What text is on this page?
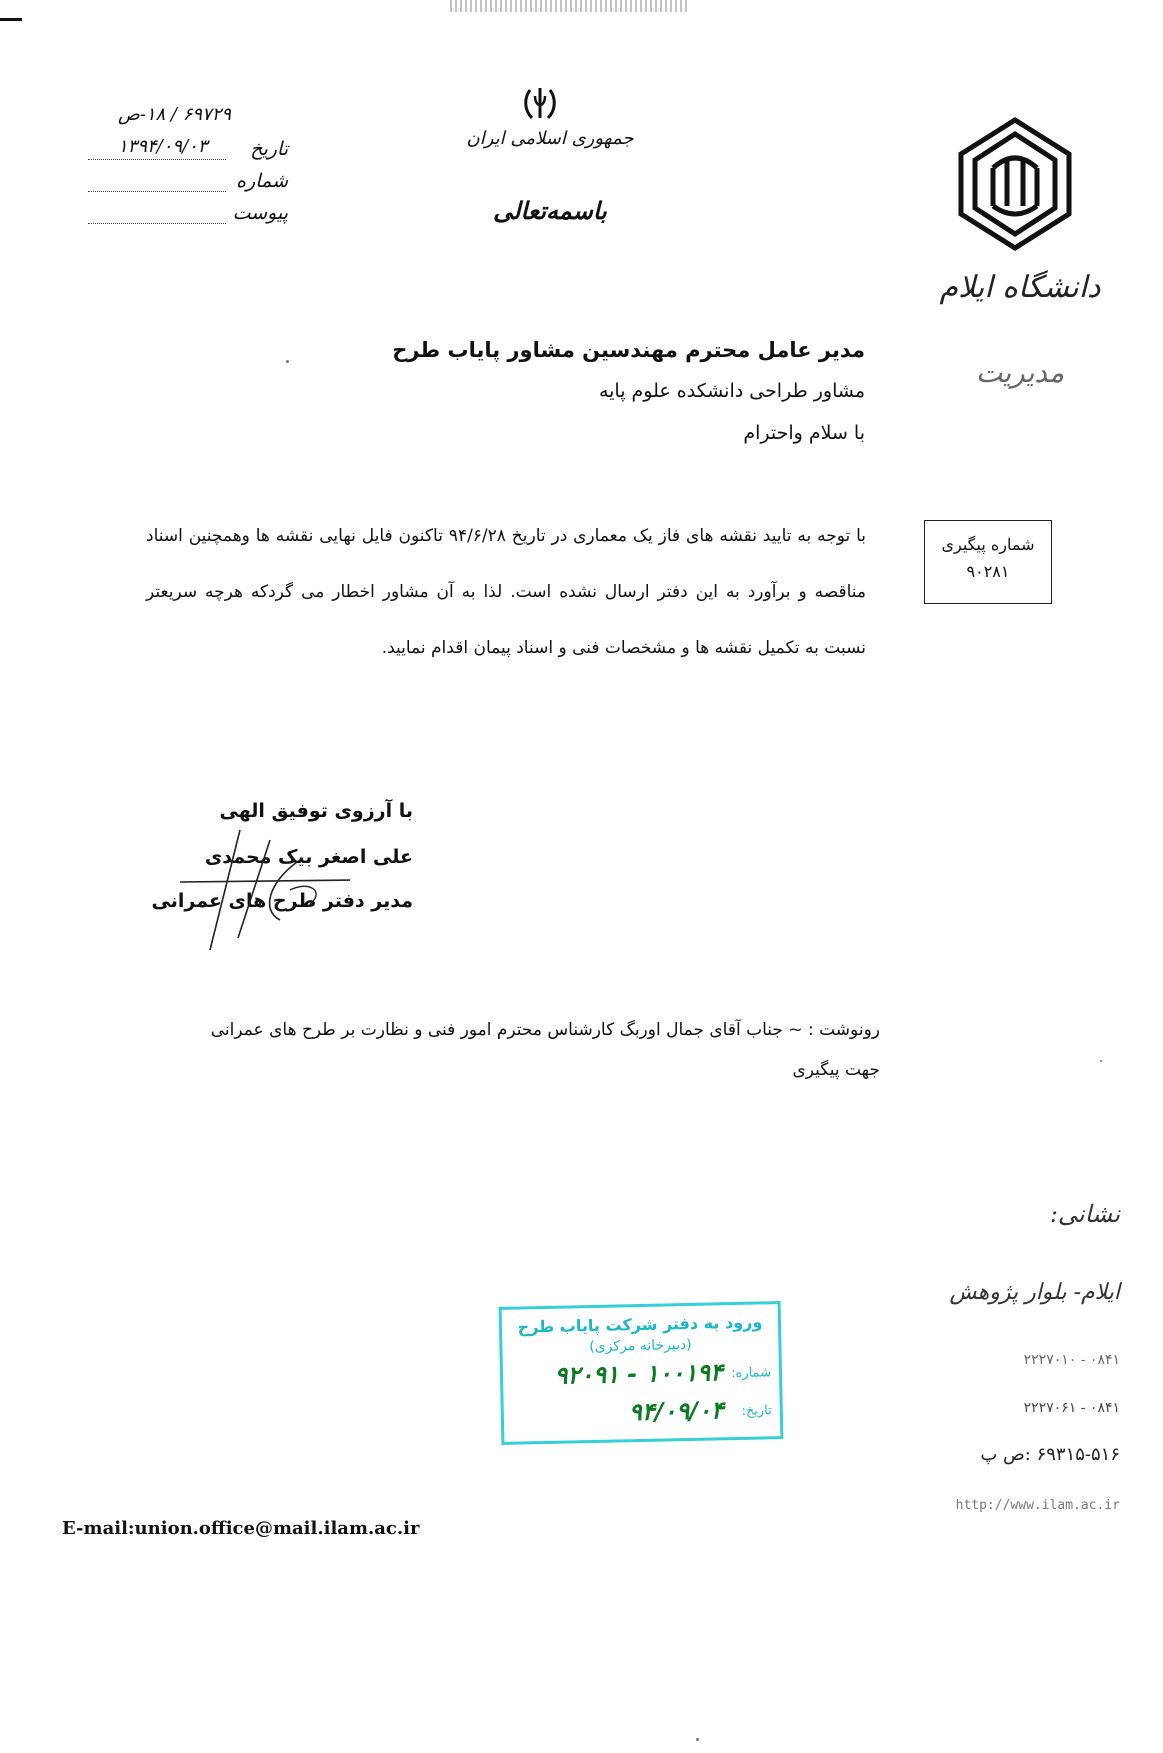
۶۹۷۲۹ / ۱۸-ص
۱۳۹۴/۰۹/۰۳ تاریخ
شماره
پیوست
جمهوری اسلامی ایران
باسمه‌تعالی
دانشگاه ایلام
مدیریت
مدیر عامل محترم مهندسین مشاور پایاب طرح
مشاور طراحی دانشکده علوم پایه
با سلام واحترام
با توجه به تایید نقشه های فاز یک معماری در تاریخ ۹۴/۶/۲۸ تاکنون فایل نهایی نقشه ها وهمچنین اسناد مناقصه و برآورد به این دفتر ارسال نشده است. لذا به آن مشاور اخطار می گردکه هرچه سریعتر نسبت به تکمیل نقشه ها و مشخصات فنی و اسناد پیمان اقدام نمایید.
شماره پیگیری
۹۰۲۸۱
با آرزوی توفیق الهی
علی اصغر بیک محمدی
مدیر دفتر طرح های عمرانی
رونوشت : ~ جناب آقای جمال اوربگ کارشناس محترم امور فنی و نظارت بر طرح های عمرانی جهت پیگیری
نشانی:
ایلام- بلوار پژوهش
۰۸۴۱ - ۲۲۲۷۰۱۰
۰۸۴۱ - ۲۲۲۷۰۶۱
۶۹۳۱۵-۵۱۶ :ص پ
http://www.ilam.ac.ir
ورود به دفتر شرکت پایاب طرح
(دبیرخانه مرکزی)
شماره:
۱۰۰۱۹۴ - ۹۲۰۹۱
تاریخ:
۹۴/۰۹/۰۴
E-mail:union.office@mail.ilam.ac.ir
